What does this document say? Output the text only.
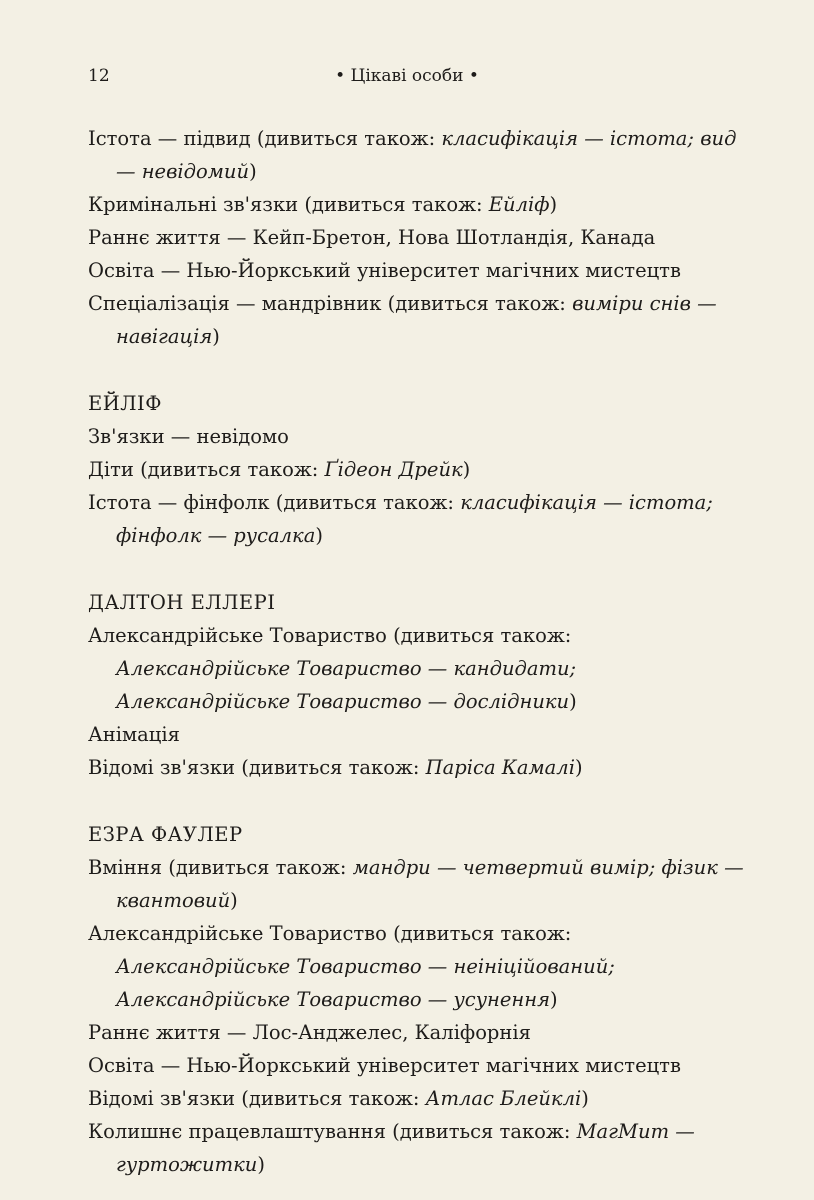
12	• Цікаві особи •
Істота — підвид (дивиться також: класифікація — істота; вид — невідомий)
Кримінальні зв'язки (дивиться також: Ейліф)
Раннє життя — Кейп-Бретон, Нова Шотландія, Канада
Освіта — Нью-Йоркський університет магічних мистецтв
Спеціалізація — мандрівник (дивиться також: виміри снів — навігація)
ЕЙЛІФ
Зв'язки — невідомо
Діти (дивиться також: Ґідеон Дрейк)
Істота — фінфолк (дивиться також: класифікація — істота; фінфолк — русалка)
ДАЛТОН ЕЛЛЕРІ
Александрійське Товариство (дивиться також: Александрійське Товариство — кандидати; Александрійське Товариство — дослідники)
Анімація
Відомі зв'язки (дивиться також: Паріса Камалі)
ЕЗРА ФАУЛЕР
Вміння (дивиться також: мандри — четвертий вимір; фізик — квантовий)
Александрійське Товариство (дивиться також: Александрійське Товариство — неініційований; Александрійське Товариство — усунення)
Раннє життя — Лос-Анджелес, Каліфорнія
Освіта — Нью-Йоркський університет магічних мистецтв
Відомі зв'язки (дивиться також: Атлас Блейклі)
Колишнє працевлаштування (дивиться також: МагМит — гуртожитки)
